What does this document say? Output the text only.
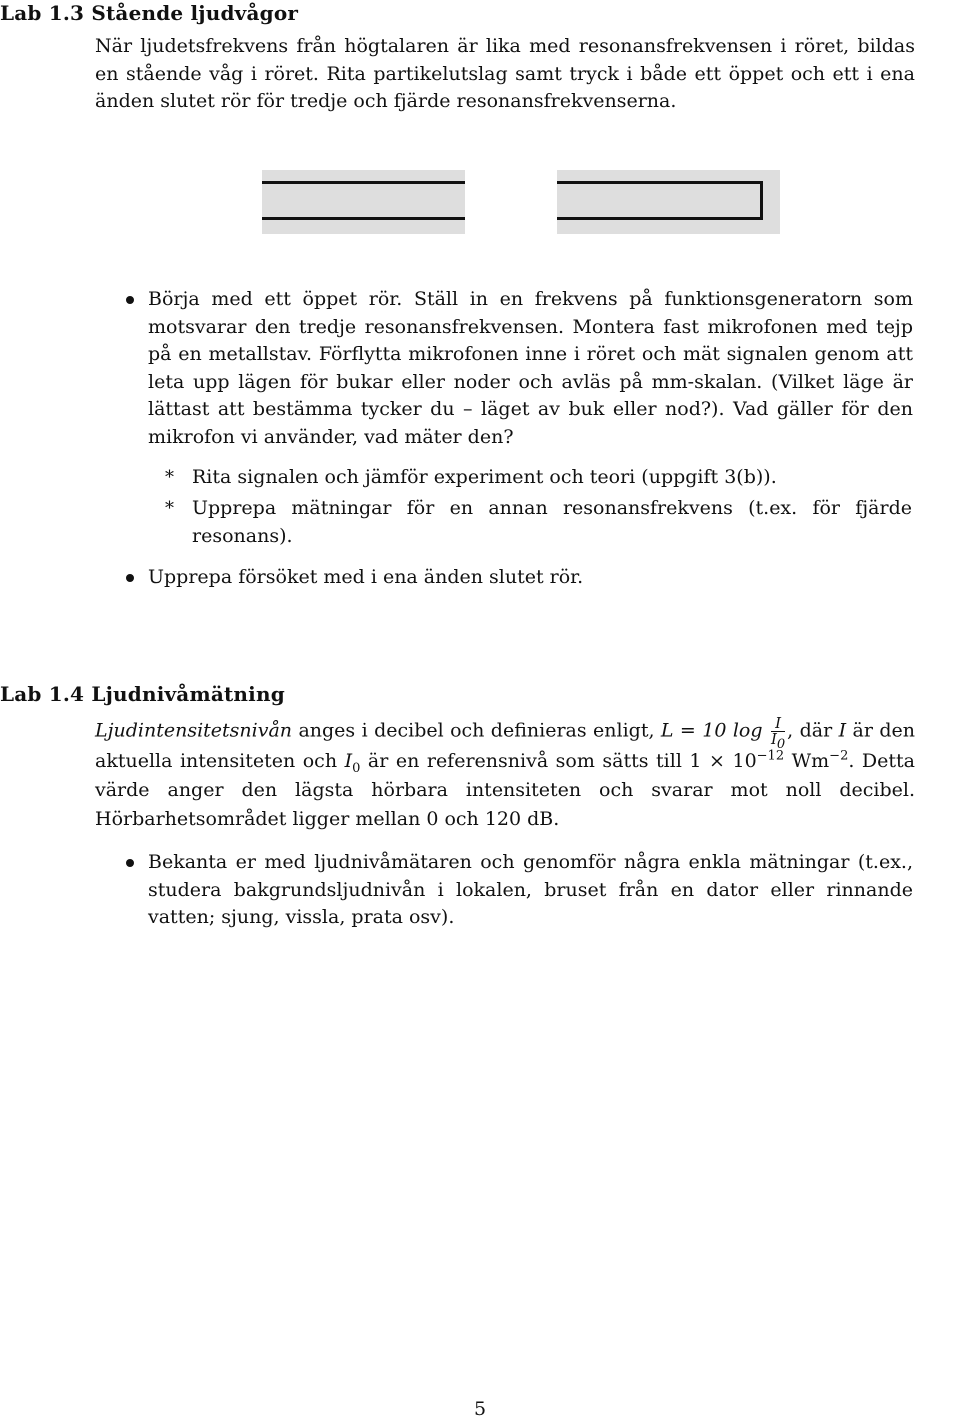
Lab 1.3 Stående ljudvågor
När ljudetsfrekvens från högtalaren är lika med resonansfrekvensen i röret, bildas en stående våg i röret. Rita partikelutslag samt tryck i både ett öppet och ett i ena änden slutet rör för tredje och fjärde resonansfrekvenserna.
Börja med ett öppet rör. Ställ in en frekvens på funktionsgeneratorn som motsvarar den tredje resonansfrekvensen. Montera fast mikrofonen med tejp på en metallstav. Förflytta mikrofonen inne i röret och mät signalen genom att leta upp lägen för bukar eller noder och avläs på mm-skalan. (Vilket läge är lättast att bestämma tycker du – läget av buk eller nod?). Vad gäller för den mikrofon vi använder, vad mäter den?
* Rita signalen och jämför experiment och teori (uppgift 3(b)).
* Upprepa mätningar för en annan resonansfrekvens (t.ex. för fjärde resonans).
Upprepa försöket med i ena änden slutet rör.
Lab 1.4 Ljudnivåmätning
Ljudintensitetsnivån anges i decibel och definieras enligt, L = 10 $\log \frac{I}{I_0}$ , där I är den aktuella intensiteten och $I_0$ är en referensnivå som sätts till $1 \times 10^{-12}$ $Wm^{-2}$. Detta värde anger den lägsta hörbara intensiteten och svarar mot noll decibel. Hörbarhetsområdet ligger mellan 0 och 120 dB.
Bekanta er med ljudnivåmätaren och genomför några enkla mätningar (t.ex., studera bakgrundsljudnivån i lokalen, bruset från en dator eller rinnande vatten; sjung, vissla, prata osv).
5
